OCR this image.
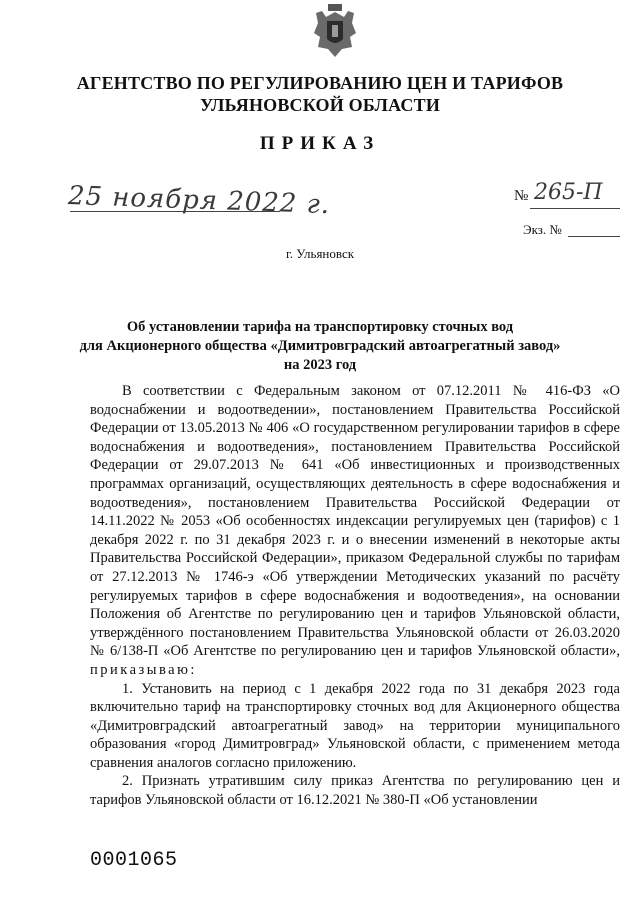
АГЕНТСТВО ПО РЕГУЛИРОВАНИЮ ЦЕН И ТАРИФОВ
УЛЬЯНОВСКОЙ ОБЛАСТИ
ПРИКАЗ
25 ноября 2022 г.	№ 265-П
Экз. №
г. Ульяновск
Об установлении тарифа на транспортировку сточных вод
для Акционерного общества «Димитровградский автоагрегатный завод»
на 2023 год

В соответствии с Федеральным законом от 07.12.2011 № 416-ФЗ «О водоснабжении и водоотведении», постановлением Правительства Российской Федерации от 13.05.2013 № 406 «О государственном регулировании тарифов в сфере водоснабжения и водоотведения», постановлением Правительства Российской Федерации от 29.07.2013 № 641 «Об инвестиционных и производственных программах организаций, осуществляющих деятельность в сфере водоснабжения и водоотведения», постановлением Правительства Российской Федерации от 14.11.2022 № 2053 «Об особенностях индексации регулируемых цен (тарифов) с 1 декабря 2022 г. по 31 декабря 2023 г. и о внесении изменений в некоторые акты Правительства Российской Федерации», приказом Федеральной службы по тарифам от 27.12.2013 № 1746-э «Об утверждении Методических указаний по расчёту регулируемых тарифов в сфере водоснабжения и водоотведения», на основании Положения об Агентстве по регулированию цен и тарифов Ульяновской области, утверждённого постановлением Правительства Ульяновской области от 26.03.2020 № 6/138-П «Об Агентстве по регулированию цен и тарифов Ульяновской области», приказываю:

1. Установить на период с 1 декабря 2022 года по 31 декабря 2023 года включительно тариф на транспортировку сточных вод для Акционерного общества «Димитровградский автоагрегатный завод» на территории муниципального образования «город Димитровград» Ульяновской области, с применением метода сравнения аналогов согласно приложению.

2. Признать утратившим силу приказ Агентства по регулированию цен и тарифов Ульяновской области от 16.12.2021 № 380-П «Об установлении

0001065
